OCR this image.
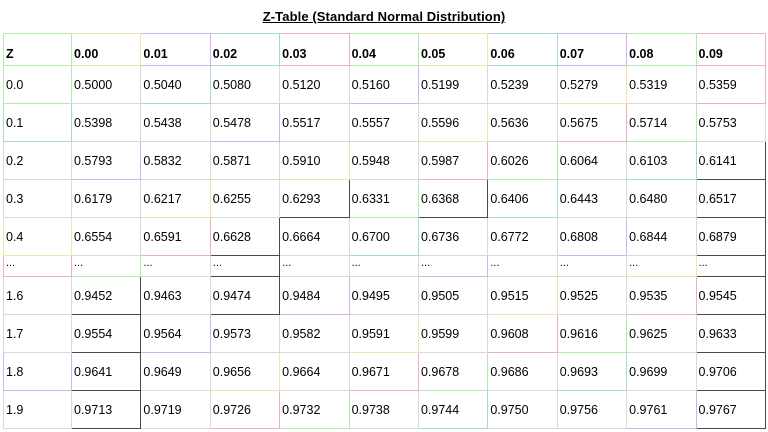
Z-Table (Standard Normal Distribution)
Z	0.00	0.01	0.02	0.03	0.04	0.05	0.06	0.07	0.08	0.09
0.0	0.5000	0.5040	0.5080	0.5120	0.5160	0.5199	0.5239	0.5279	0.5319	0.5359
0.1	0.5398	0.5438	0.5478	0.5517	0.5557	0.5596	0.5636	0.5675	0.5714	0.5753
0.2	0.5793	0.5832	0.5871	0.5910	0.5948	0.5987	0.6026	0.6064	0.6103	0.6141
0.3	0.6179	0.6217	0.6255	0.6293	0.6331	0.6368	0.6406	0.6443	0.6480	0.6517
0.4	0.6554	0.6591	0.6628	0.6664	0.6700	0.6736	0.6772	0.6808	0.6844	0.6879
...	...	...	...	...	...	...	...	...	...	...
1.6	0.9452	0.9463	0.9474	0.9484	0.9495	0.9505	0.9515	0.9525	0.9535	0.9545
1.7	0.9554	0.9564	0.9573	0.9582	0.9591	0.9599	0.9608	0.9616	0.9625	0.9633
1.8	0.9641	0.9649	0.9656	0.9664	0.9671	0.9678	0.9686	0.9693	0.9699	0.9706
1.9	0.9713	0.9719	0.9726	0.9732	0.9738	0.9744	0.9750	0.9756	0.9761	0.9767
